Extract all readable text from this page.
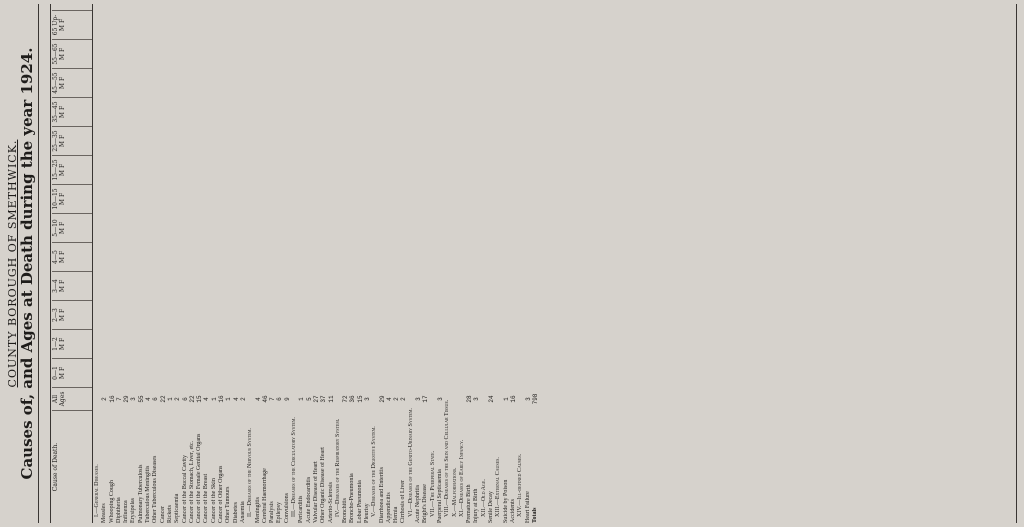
COUNTY BOROUGH OF SMETHWICK. Causes of, and Ages at Death during the year 1924.	Cause of Death.
All Ages
0—1 M F
1—2 M F
2—3 M F
3—4 M F
4—5 M F
5—10 M F
10—15 M F
15—25 M F
25—35 M F
35—45 M F
45—55 M F
55—65 M F
65 Up- M F
I.—General Diseases. Measles
2
Whooping Cough
16
Diphtheria
7
Influenza
29
Erysipelas
3
Pulmonary Tuberculosis
55
Tuberculous Meningitis
4
Other Tuberculous Diseases
6
Cancer
22
Rickets
1
Septicaemia
2
Cancer of the Buccal Cavity
6
Cancer of the Stomach, Liver, etc.
22
Cancer of the Female Genital Organs
15
Cancer of the Breast
4
Cancer of the Skin
1
Cancer of Other Organs
16
Other Tumours
1
Diabetes
4
Anaemia
2
II.—Diseases of the Nervous System. Meningitis
4
Cerebral Haemorrhage
46
Paralysis
7
Epilepsy
6
Convulsions
9
III.—Diseases of the Circulatory System. Pericarditis
1
Acute Endocarditis
5
Valvular Disease of Heart
27
Other Organic Disease of Heart
37
Arterio-Sclerosis
11
IV.—Diseases of the Respiratory System. Bronchitis
72
Broncho-Pneumonia
36
Lobar Pneumonia
15
Pleurisy
3
V.—Diseases of the Digestive System. Diarrhoea and Enteritis
29
Appendicitis
4
Hernia
2
Cirrhosis of Liver
2
VI.—Diseases of the Genito-Urinary System. Acute Nephritis
3
Bright's Disease
17
VII.—The Puerperal State. Puerperal Septicaemia
3
VIII.—Diseases of the Skin and Cellular Tissue. X.—Malformations. XI.—Diseases of Early Infancy. Premature Birth
28
Injury at Birth
3
XII.—Old Age. Senile Decay
24
XIII.—External Causes. Suicide by Poison
1
Accidents
16
XIV.—Ill-defined Causes. Heart Failure
3
Totals
798
